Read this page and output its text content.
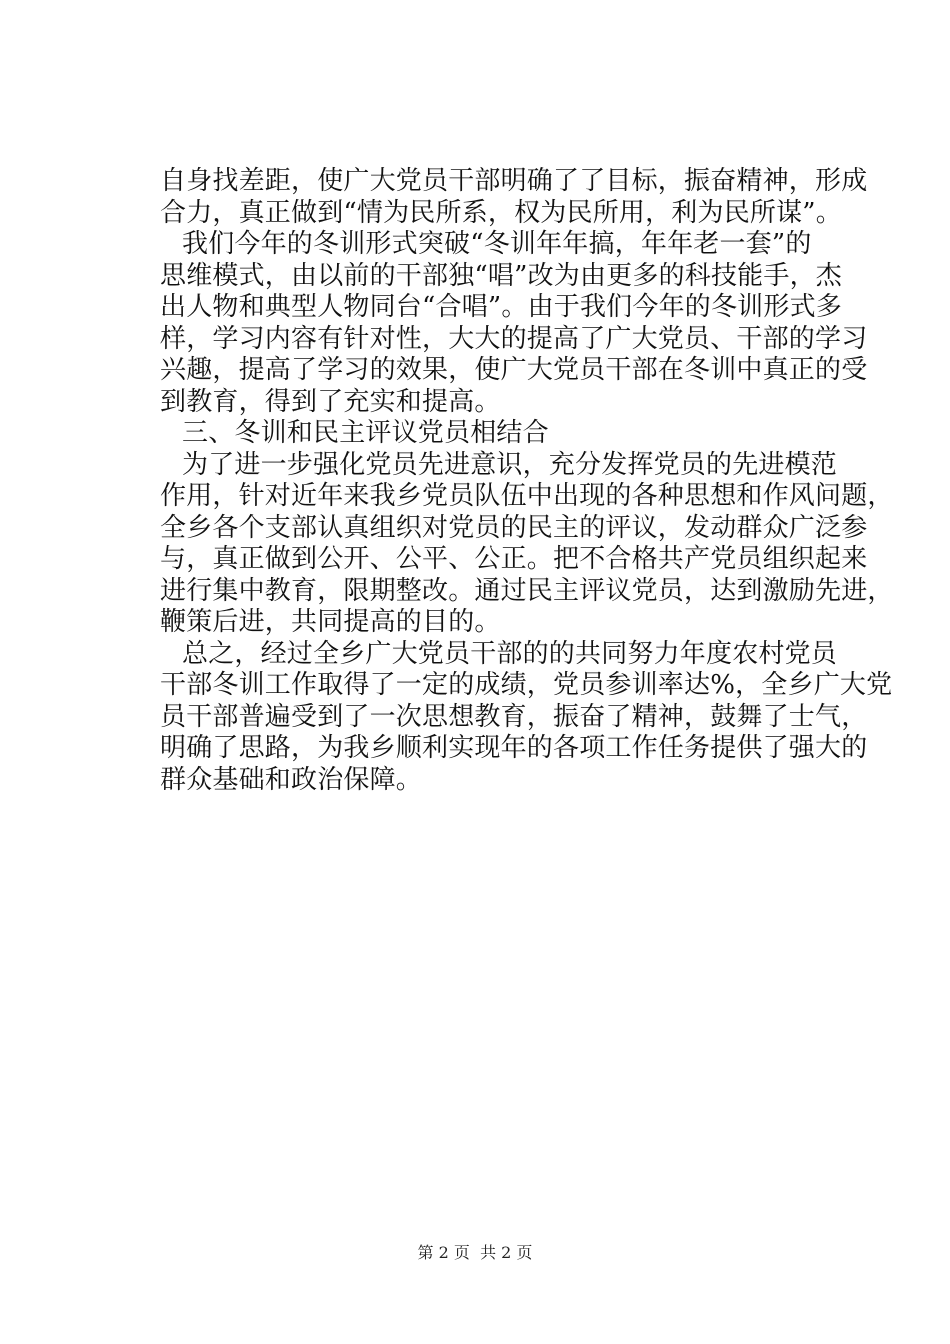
自身找差距，使广大党员干部明确了了目标，振奋精神，形成
合力，真正做到“情为民所系，权为民所用，利为民所谋”。
我们今年的冬训形式突破“冬训年年搞，年年老一套”的
思维模式，由以前的干部独“唱”改为由更多的科技能手，杰
出人物和典型人物同台“合唱”。由于我们今年的冬训形式多
样，学习内容有针对性，大大的提高了广大党员、干部的学习
兴趣，提高了学习的效果，使广大党员干部在冬训中真正的受
到教育，得到了充实和提高。
三、冬训和民主评议党员相结合
为了进一步强化党员先进意识，充分发挥党员的先进模范
作用，针对近年来我乡党员队伍中出现的各种思想和作风问题，
全乡各个支部认真组织对党员的民主的评议，发动群众广泛参
与，真正做到公开、公平、公正。把不合格共产党员组织起来
进行集中教育，限期整改。通过民主评议党员，达到激励先进，
鞭策后进，共同提高的目的。
总之，经过全乡广大党员干部的的共同努力年度农村党员
干部冬训工作取得了一定的成绩，党员参训率达%，全乡广大党
员干部普遍受到了一次思想教育，振奋了精神，鼓舞了士气，
明确了思路，为我乡顺利实现年的各项工作任务提供了强大的
群众基础和政治保障。
第 2 页  共 2 页
